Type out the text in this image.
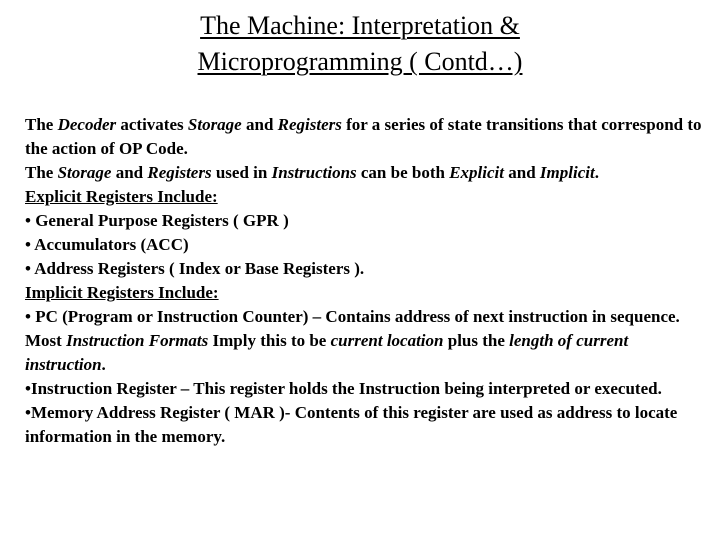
The Machine: Interpretation &
Microprogramming ( Contd…)

The Decoder activates Storage and Registers for a series of state transitions that correspond to the action of OP Code.

The Storage and Registers used in Instructions can be both Explicit and Implicit.

Explicit Registers Include:

• General Purpose Registers ( GPR )

• Accumulators (ACC)

• Address Registers ( Index or Base Registers ).

Implicit Registers Include:

• PC (Program or Instruction Counter) – Contains address of next instruction in sequence. Most Instruction Formats Imply this to be current location plus the length of current instruction.

•Instruction Register – This register holds the Instruction being interpreted or executed.

•Memory Address Register ( MAR )- Contents of this register are used as address to locate information in the memory.
